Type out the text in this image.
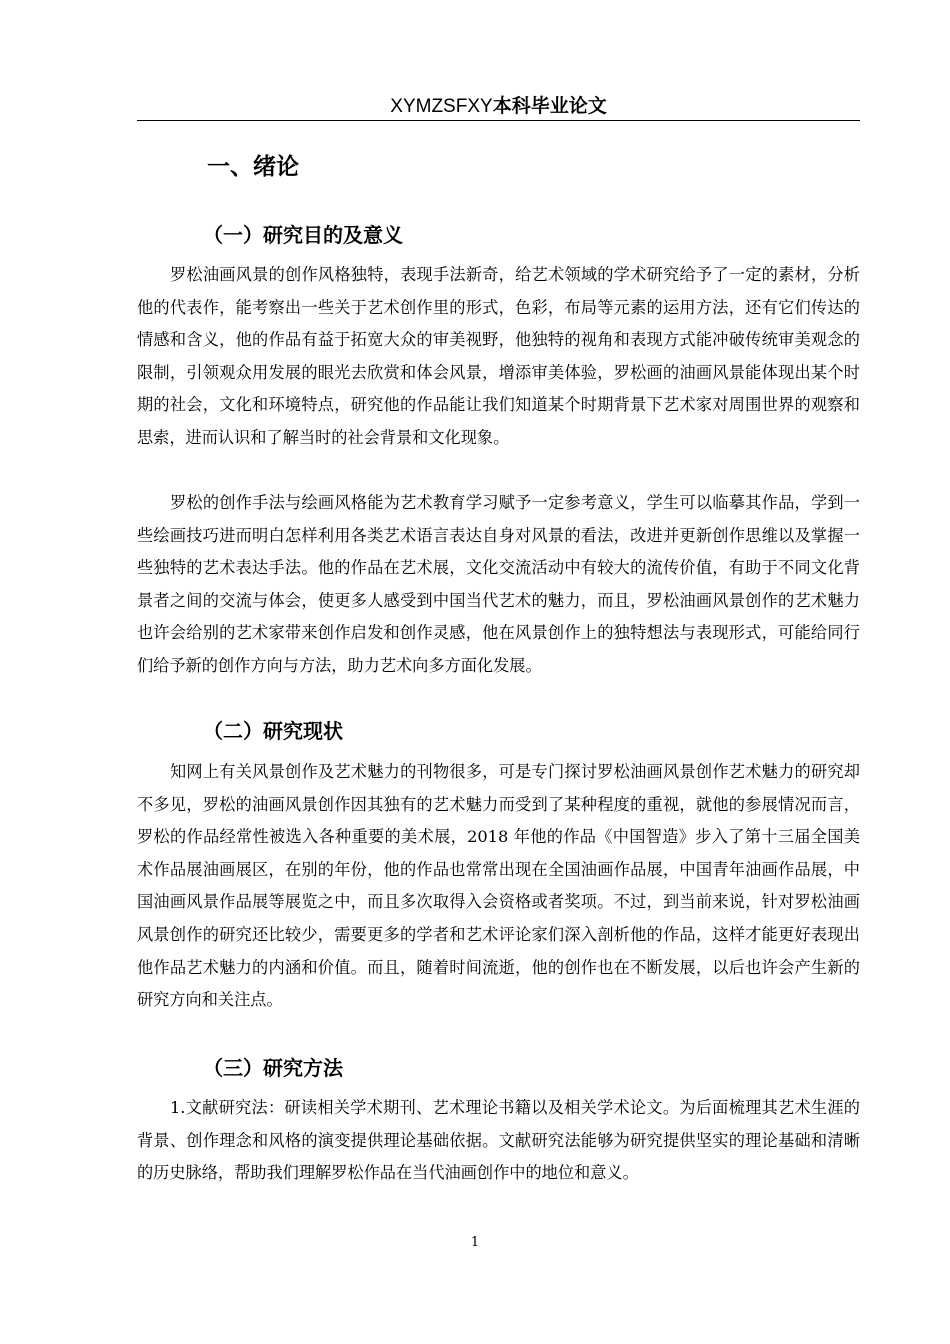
XYMZSFXY本科毕业论文
一、绪论
（一）研究目的及意义
罗松油画风景的创作风格独特，表现手法新奇，给艺术领域的学术研究给予了一定的素材，分析他的代表作，能考察出一些关于艺术创作里的形式，色彩，布局等元素的运用方法，还有它们传达的情感和含义，他的作品有益于拓宽大众的审美视野，他独特的视角和表现方式能冲破传统审美观念的限制，引领观众用发展的眼光去欣赏和体会风景，增添审美体验，罗松画的油画风景能体现出某个时期的社会，文化和环境特点，研究他的作品能让我们知道某个时期背景下艺术家对周围世界的观察和思索，进而认识和了解当时的社会背景和文化现象。
罗松的创作手法与绘画风格能为艺术教育学习赋予一定参考意义，学生可以临摹其作品，学到一些绘画技巧进而明白怎样利用各类艺术语言表达自身对风景的看法，改进并更新创作思维以及掌握一些独特的艺术表达手法。他的作品在艺术展，文化交流活动中有较大的流传价值，有助于不同文化背景者之间的交流与体会，使更多人感受到中国当代艺术的魅力，而且，罗松油画风景创作的艺术魅力也许会给别的艺术家带来创作启发和创作灵感，他在风景创作上的独特想法与表现形式，可能给同行们给予新的创作方向与方法，助力艺术向多方面化发展。
（二）研究现状
知网上有关风景创作及艺术魅力的刊物很多，可是专门探讨罗松油画风景创作艺术魅力的研究却不多见，罗松的油画风景创作因其独有的艺术魅力而受到了某种程度的重视，就他的参展情况而言，罗松的作品经常性被选入各种重要的美术展，2018 年他的作品《中国智造》步入了第十三届全国美术作品展油画展区，在别的年份，他的作品也常常出现在全国油画作品展，中国青年油画作品展，中国油画风景作品展等展览之中，而且多次取得入会资格或者奖项。不过，到当前来说，针对罗松油画风景创作的研究还比较少，需要更多的学者和艺术评论家们深入剖析他的作品，这样才能更好表现出他作品艺术魅力的内涵和价值。而且，随着时间流逝，他的创作也在不断发展，以后也许会产生新的研究方向和关注点。
（三）研究方法
1.文献研究法：研读相关学术期刊、艺术理论书籍以及相关学术论文。为后面梳理其艺术生涯的背景、创作理念和风格的演变提供理论基础依据。文献研究法能够为研究提供坚实的理论基础和清晰的历史脉络，帮助我们理解罗松作品在当代油画创作中的地位和意义。
1
